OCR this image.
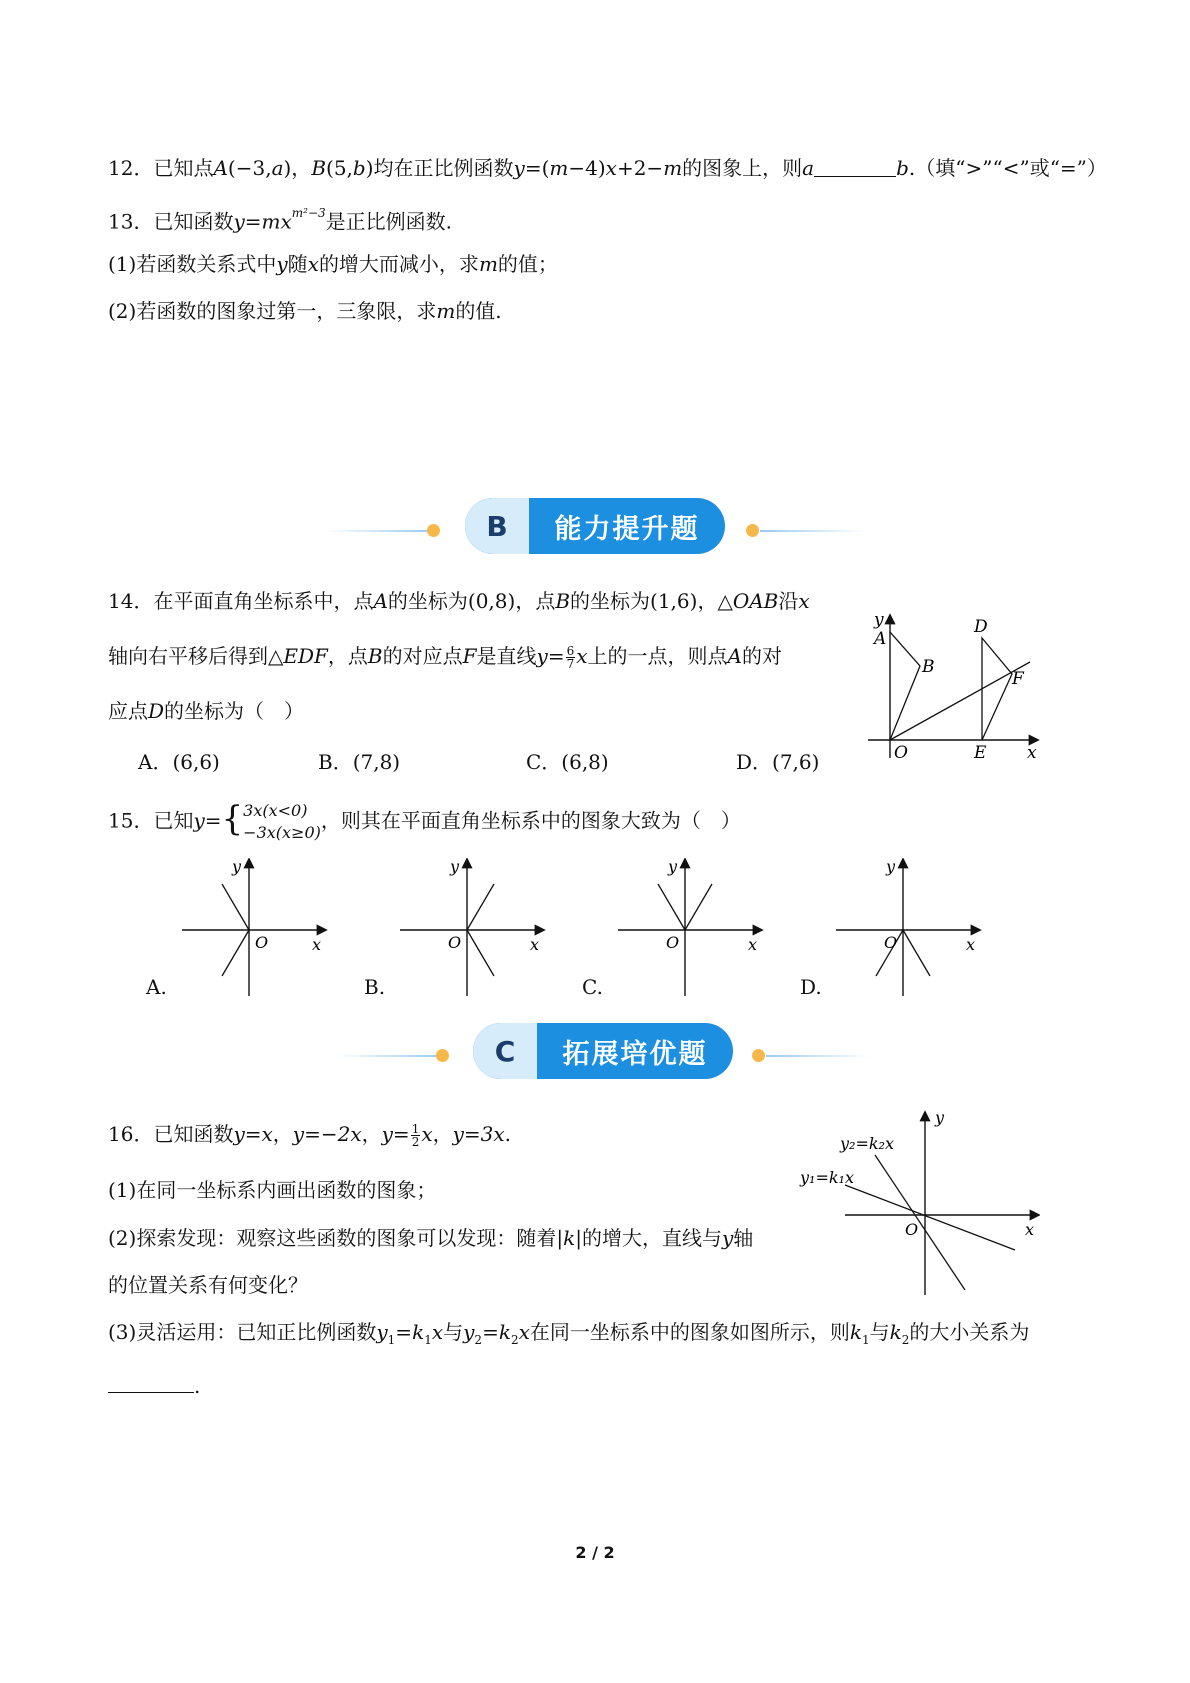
12．已知点A(−3,a)，B(5,b)均在正比例函数y=(m−4)x+2−m的图象上，则a	b.（填“>”“<”或“=”）
13．已知函数$y=mx^{m^2-3}$是正比例函数.
(1)若函数关系式中y随x的增大而减小，求m的值；
(2)若函数的图象过第一，三象限，求m的值.
B	能力提升题
14．在平面直角坐标系中，点A的坐标为(0,8)，点B的坐标为(1,6)，△OAB沿x
轴向右平移后得到△EDF，点B的对应点F是直线$y= \frac{6}{7}$ x上的一点，则点A的对
应点D的坐标为（　）
A．(6,6)	B．(7,8)	C．(6,8)	D．(7,6)
y
A
B
D
F
O	E x
15．已知y={ 3x(x<0)
−3x(x≥0) ，则其在平面直角坐标系中的图象大致为（　）
y
O	x
A.
y
O	x
B.
y
O	x
C.
y
O	x
D.
C	拓展培优题
16．已知函数y=x，y=−2x，$y= \frac{1}{2}$ x，y=3x.
(1)在同一坐标系内画出函数的图象；
(2)探索发现：观察这些函数的图象可以发现：随着|k|的增大，直线与y轴
的位置关系有何变化？
(3)灵活运用：已知正比例函数$y_1=k_1x$与$y_2=k_2x$在同一坐标系中的图象如图所示，则$k_1$与$k_2$的大小关系为
.
y
x
O
y₂=k₂x
y₁=k₁x
2 / 2
